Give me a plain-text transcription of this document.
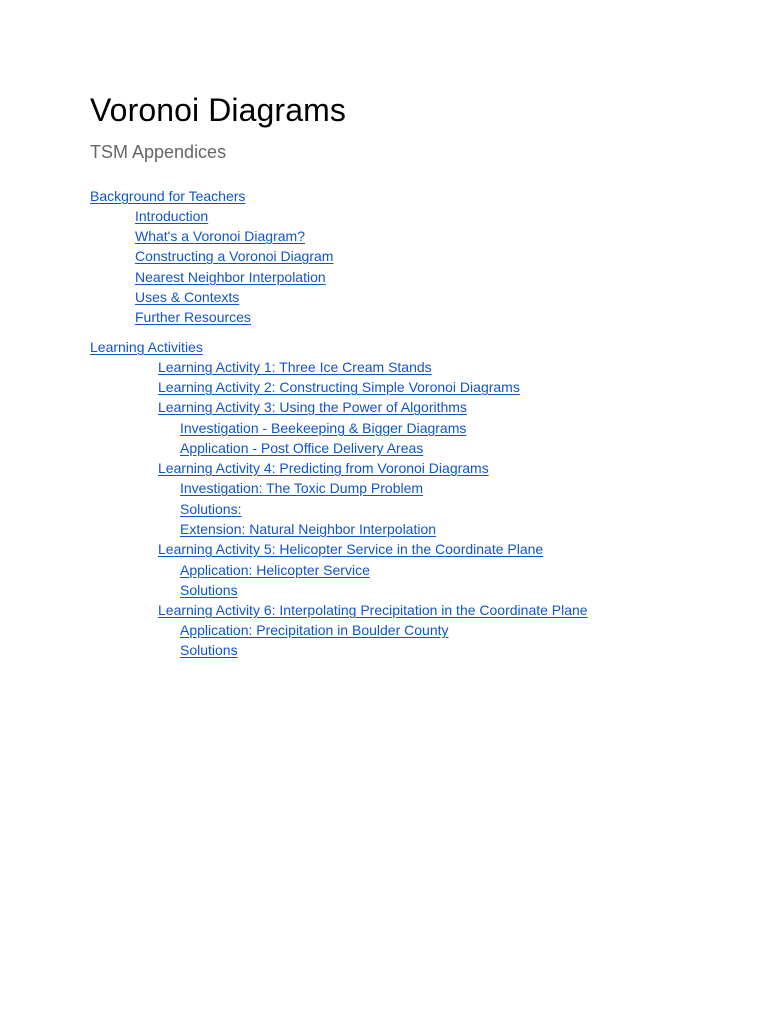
Voronoi Diagrams
TSM Appendices
Background for Teachers
Introduction
What's a Voronoi Diagram?
Constructing a Voronoi Diagram
Nearest Neighbor Interpolation
Uses & Contexts
Further Resources
Learning Activities
Learning Activity 1: Three Ice Cream Stands
Learning Activity 2: Constructing Simple Voronoi Diagrams
Learning Activity 3: Using the Power of Algorithms
Investigation - Beekeeping & Bigger Diagrams
Application - Post Office Delivery Areas
Learning Activity 4: Predicting from Voronoi Diagrams
Investigation: The Toxic Dump Problem
Solutions:
Extension: Natural Neighbor Interpolation
Learning Activity 5: Helicopter Service in the Coordinate Plane
Application: Helicopter Service
Solutions
Learning Activity 6: Interpolating Precipitation in the Coordinate Plane
Application: Precipitation in Boulder County
Solutions
